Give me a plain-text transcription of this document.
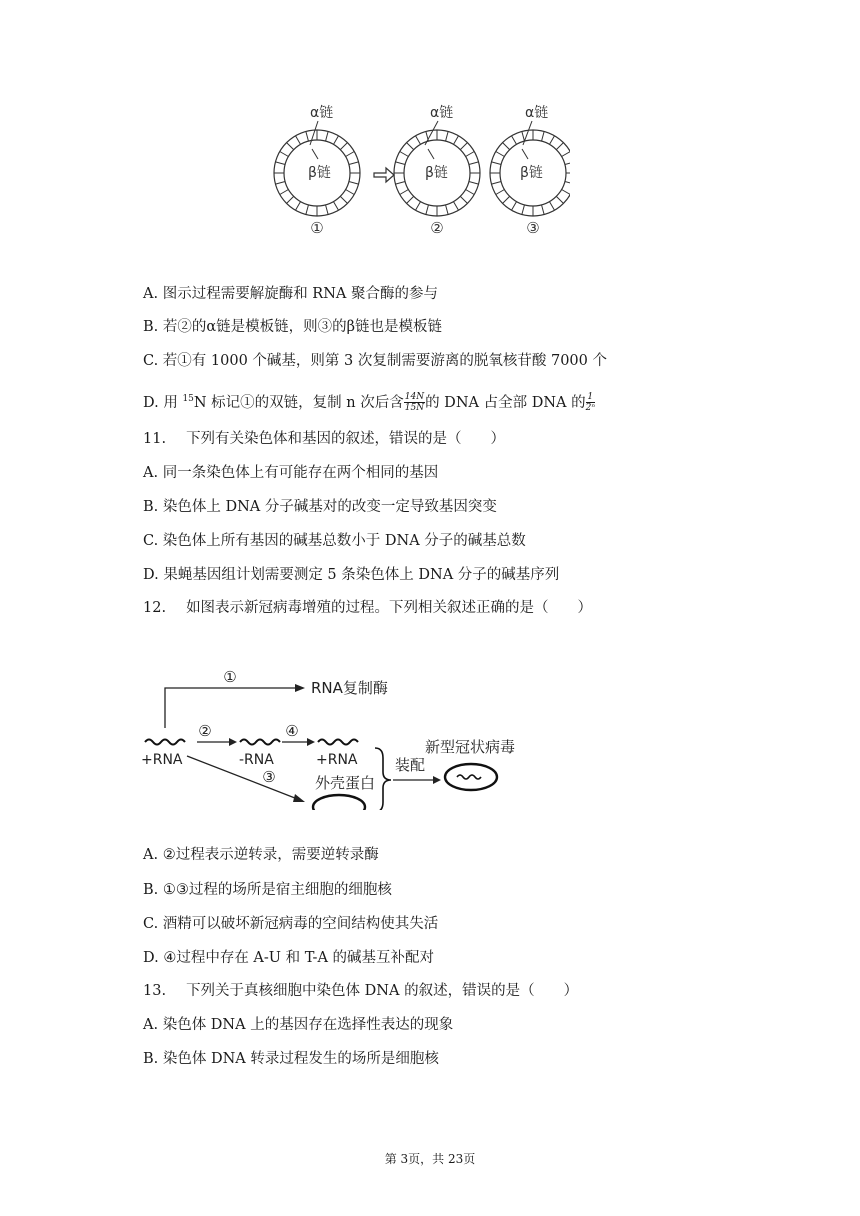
α链	α链	α链
β链	β链	β链
①	②	③
A. 图示过程需要解旋酶和 RNA 聚合酶的参与
B. 若②的α链是模板链，则③的β链也是模板链
C. 若①有 1000 个碱基，则第 3 次复制需要游离的脱氧核苷酸 7000 个
D. 用 $^{15}$N 标记①的双链，复制 n 次后含 $\frac{14N}{15N}$ 的 DNA 占全部 DNA 的 $\frac{1}{\text{2ⁿ}}$
11. 下列有关染色体和基因的叙述，错误的是（　　）
A. 同一条染色体上有可能存在两个相同的基因
B. 染色体上 DNA 分子碱基对的改变一定导致基因突变
C. 染色体上所有基因的碱基总数小于 DNA 分子的碱基总数
D. 果蝇基因组计划需要测定 5 条染色体上 DNA 分子的碱基序列
12. 如图表示新冠病毒增殖的过程。下列相关叙述正确的是（　　）
①
RNA复制酶
+RNA
②
-RNA
④
+RNA
③	外壳蛋白
装配
新型冠状病毒
A. ②过程表示逆转录，需要逆转录酶
B. ①③过程的场所是宿主细胞的细胞核
C. 酒精可以破坏新冠病毒的空间结构使其失活
D. ④过程中存在 A-U 和 T-A 的碱基互补配对
13. 下列关于真核细胞中染色体 DNA 的叙述，错误的是（　　）
A. 染色体 DNA 上的基因存在选择性表达的现象
B. 染色体 DNA 转录过程发生的场所是细胞核
第 3页，共 23页
